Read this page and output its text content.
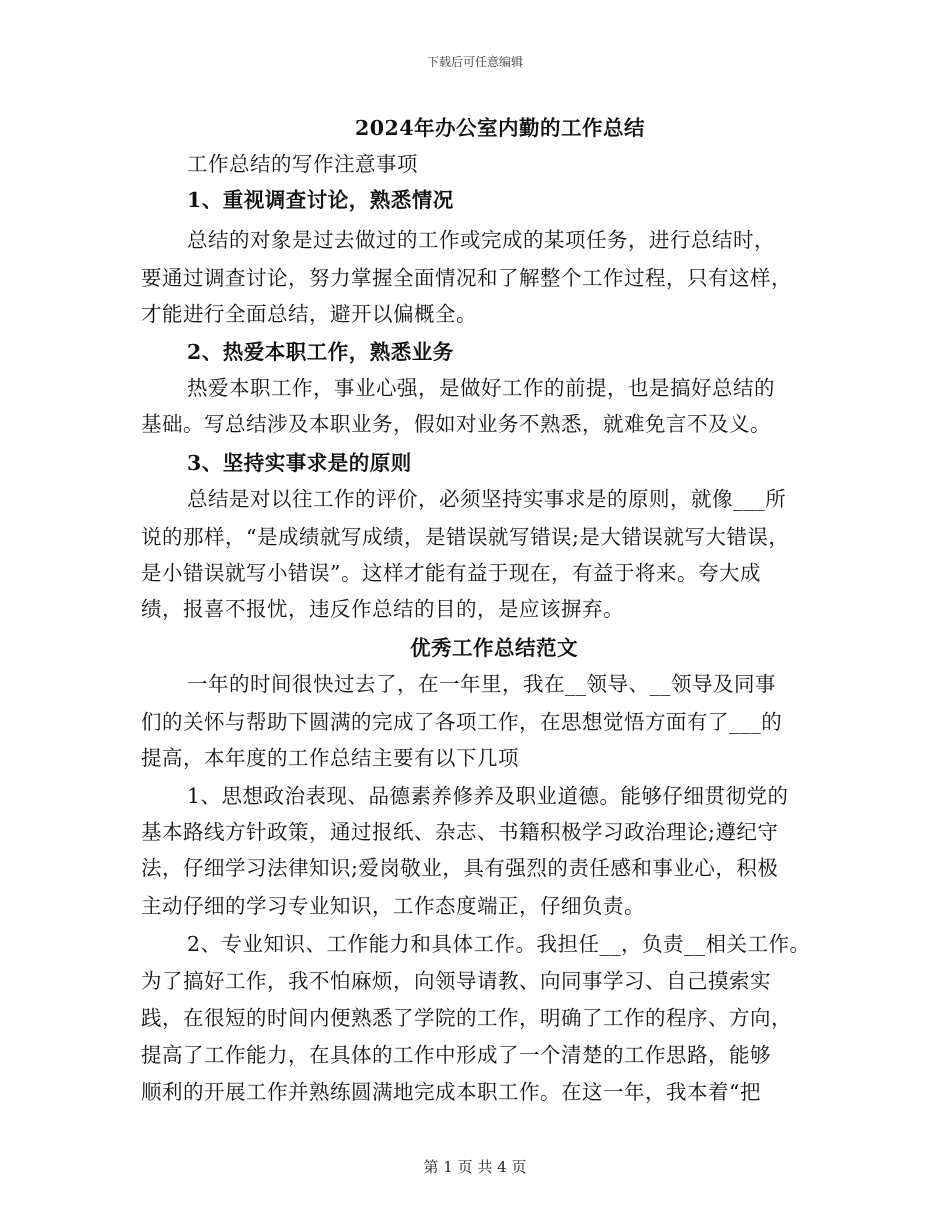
下载后可任意编辑
2024年办公室内勤的工作总结
工作总结的写作注意事项
1、重视调查讨论，熟悉情况
总结的对象是过去做过的工作或完成的某项任务，进行总结时，
要通过调查讨论，努力掌握全面情况和了解整个工作过程，只有这样，
才能进行全面总结，避开以偏概全。
2、热爱本职工作，熟悉业务
热爱本职工作，事业心强，是做好工作的前提，也是搞好总结的
基础。写总结涉及本职业务，假如对业务不熟悉，就难免言不及义。
3、坚持实事求是的原则
总结是对以往工作的评价，必须坚持实事求是的原则，就像___所
说的那样，“是成绩就写成绩，是错误就写错误;是大错误就写大错误，
是小错误就写小错误”。这样才能有益于现在，有益于将来。夸大成
绩，报喜不报忧，违反作总结的目的，是应该摒弃。
优秀工作总结范文
一年的时间很快过去了，在一年里，我在__领导、__领导及同事
们的关怀与帮助下圆满的完成了各项工作，在思想觉悟方面有了___的
提高，本年度的工作总结主要有以下几项
1、思想政治表现、品德素养修养及职业道德。能够仔细贯彻党的
基本路线方针政策，通过报纸、杂志、书籍积极学习政治理论;遵纪守
法，仔细学习法律知识;爱岗敬业，具有强烈的责任感和事业心，积极
主动仔细的学习专业知识，工作态度端正，仔细负责。
2、专业知识、工作能力和具体工作。我担任__，负责__相关工作。
为了搞好工作，我不怕麻烦，向领导请教、向同事学习、自己摸索实
践，在很短的时间内便熟悉了学院的工作，明确了工作的程序、方向，
提高了工作能力，在具体的工作中形成了一个清楚的工作思路，能够
顺利的开展工作并熟练圆满地完成本职工作。在这一年，我本着“把
第 1 页 共 4 页
